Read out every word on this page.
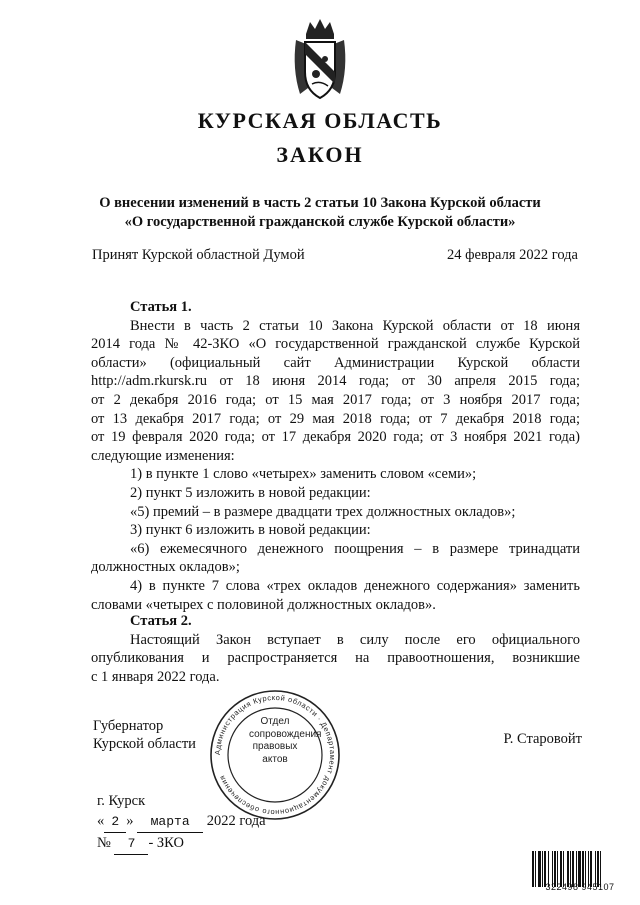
КУРСКАЯ ОБЛАСТЬ
ЗАКОН
О внесении изменений в часть 2 статьи 10 Закона Курской области
«О государственной гражданской службе Курской области»
Принят Курской областной Думой	24 февраля 2022 года

Статья 1.

Внести в часть 2 статьи 10 Закона Курской области от 18 июня

2014 года № 42-ЗКО «О государственной гражданской службе Курской

области» (официальный сайт Администрации Курской области

http://adm.rkursk.ru от 18 июня 2014 года; от 30 апреля 2015 года;

от 2 декабря 2016 года; от 15 мая 2017 года; от 3 ноября 2017 года;

от 13 декабря 2017 года; от 29 мая 2018 года; от 7 декабря 2018 года;

от 19 февраля 2020 года; от 17 декабря 2020 года; от 3 ноября 2021 года)

следующие изменения:

1) в пункте 1 слово «четырех» заменить словом «семи»;

2) пункт 5 изложить в новой редакции:

«5) премий – в размере двадцати трех должностных окладов»;

3) пункт 6 изложить в новой редакции:

«6) ежемесячного денежного поощрения – в размере тринадцати

должностных окладов»;

4) в пункте 7 слова «трех окладов денежного содержания» заменить

словами «четырех с половиной должностных окладов».

Статья 2.

Настоящий Закон вступает в силу после его официального

опубликования и распространяется на правоотношения, возникшие

с 1 января 2022 года.

Администрация Курской области · Департамент документационного обеспечения
Отдел
сопровождения
правовых
актов
Губернатор
Курской области	Р. Старовойт
г. Курск
« 2 » марта 2022 года
№ 7 - ЗКО
322498 945107
